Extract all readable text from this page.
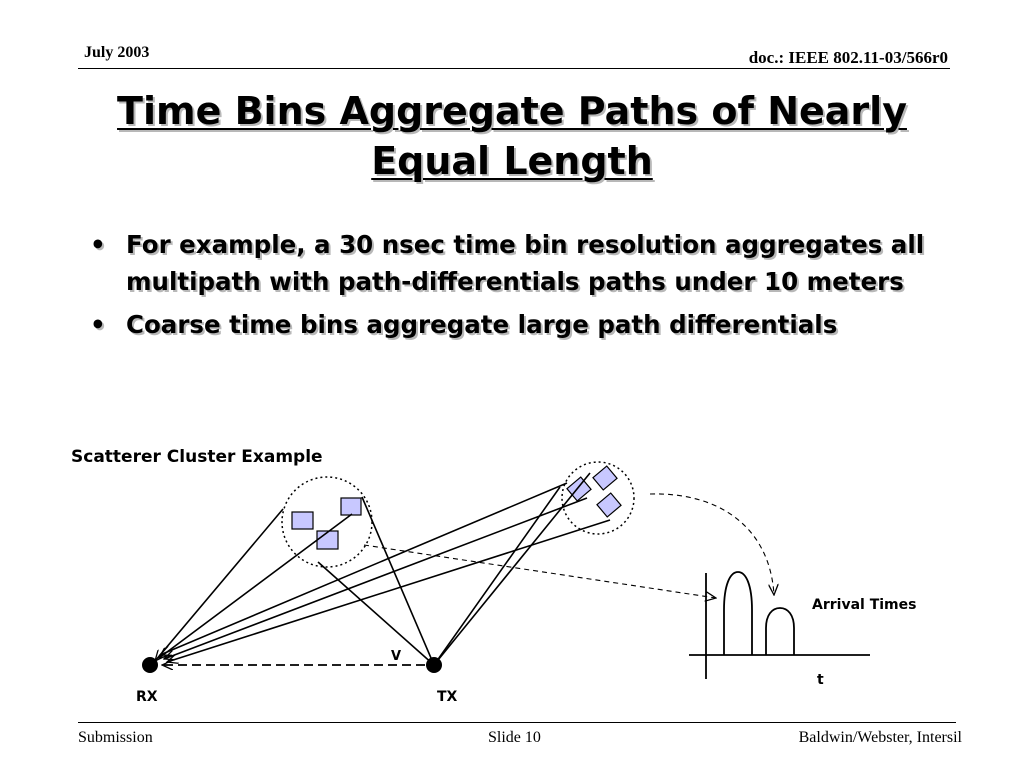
July 2003	doc.: IEEE 802.11-03/566r0
Time Bins Aggregate Paths of Nearly Equal Length
• For example, a 30 nsec time bin resolution aggregates all multipath with path-differentials paths under 10 meters
• Coarse time bins aggregate large path differentials
Scatterer Cluster Example
V
RX	TX
Arrival Times
t
Submission	Slide 10	Baldwin/Webster, Intersil
